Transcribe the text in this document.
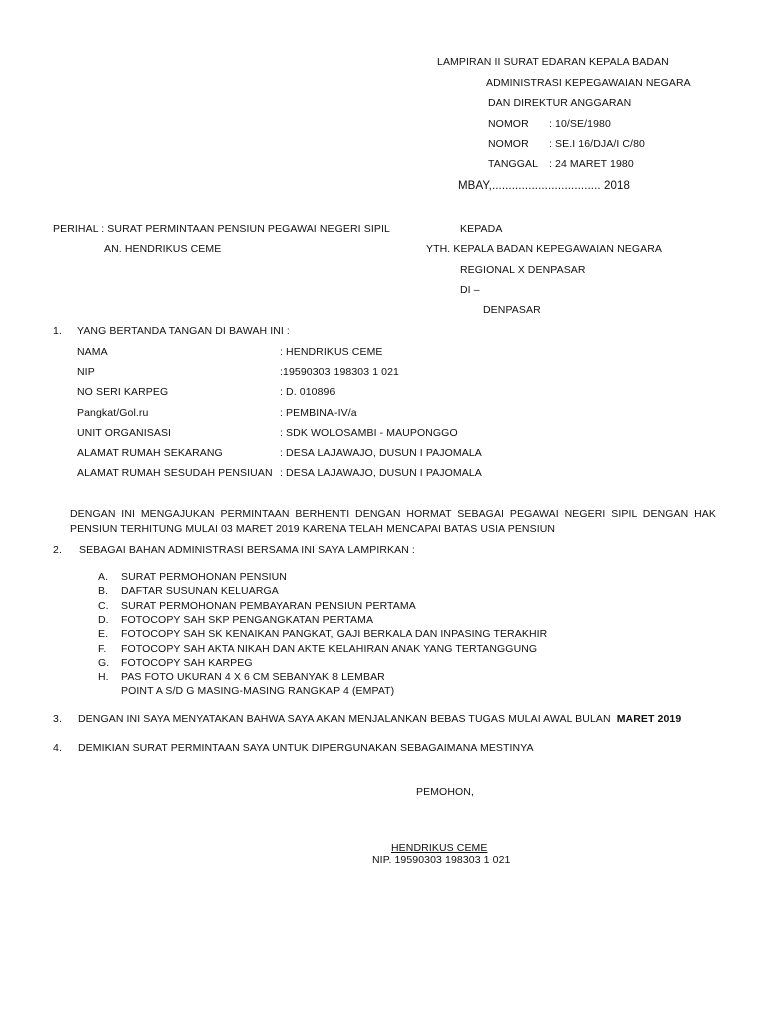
LAMPIRAN II SURAT EDARAN KEPALA BADAN
ADMINISTRASI KEPEGAWAIAN NEGARA
DAN DIREKTUR ANGGARAN
NOMOR : 10/SE/1980
NOMOR : SE.I 16/DJA/I C/80
TANGGAL : 24 MARET 1980
MBAY,................................. 2018
PERIHAL : SURAT PERMINTAAN PENSIUN PEGAWAI NEGERI SIPIL
AN. HENDRIKUS CEME
KEPADA
YTH. KEPALA BADAN KEPEGAWAIAN NEGARA
REGIONAL X DENPASAR
DI –
DENPASAR
1. YANG BERTANDA TANGAN DI BAWAH INI :
NAMA	: HENDRIKUS CEME
NIP	:19590303 198303 1 021
NO SERI KARPEG	: D. 010896
Pangkat/Gol.ru	: PEMBINA-IV/a
UNIT ORGANISASI	: SDK WOLOSAMBI - MAUPONGGO
ALAMAT RUMAH SEKARANG	: DESA LAJAWAJO, DUSUN I PAJOMALA
ALAMAT RUMAH SESUDAH PENSIUAN : DESA LAJAWAJO, DUSUN I PAJOMALA
DENGAN INI MENGAJUKAN PERMINTAAN BERHENTI DENGAN HORMAT SEBAGAI PEGAWAI NEGERI SIPIL DENGAN HAK PENSIUN TERHITUNG MULAI 03 MARET 2019 KARENA TELAH MENCAPAI BATAS USIA PENSIUN
2. SEBAGAI BAHAN ADMINISTRASI BERSAMA INI SAYA LAMPIRKAN :
A. SURAT PERMOHONAN PENSIUN
B. DAFTAR SUSUNAN KELUARGA
C. SURAT PERMOHONAN PEMBAYARAN PENSIUN PERTAMA
D. FOTOCOPY SAH SKP PENGANGKATAN PERTAMA
E. FOTOCOPY SAH SK KENAIKAN PANGKAT, GAJI BERKALA DAN INPASING TERAKHIR
F. FOTOCOPY SAH AKTA NIKAH DAN AKTE KELAHIRAN ANAK YANG TERTANGGUNG
G. FOTOCOPY SAH KARPEG
H. PAS FOTO UKURAN 4 X 6 CM SEBANYAK 8 LEMBAR
POINT A S/D G MASING-MASING RANGKAP 4 (EMPAT)
3. DENGAN INI SAYA MENYATAKAN BAHWA SAYA AKAN MENJALANKAN BEBAS TUGAS MULAI AWAL BULAN MARET 2019
4. DEMIKIAN SURAT PERMINTAAN SAYA UNTUK DIPERGUNAKAN SEBAGAIMANA MESTINYA
PEMOHON,
HENDRIKUS CEME
NIP. 19590303 198303 1 021
